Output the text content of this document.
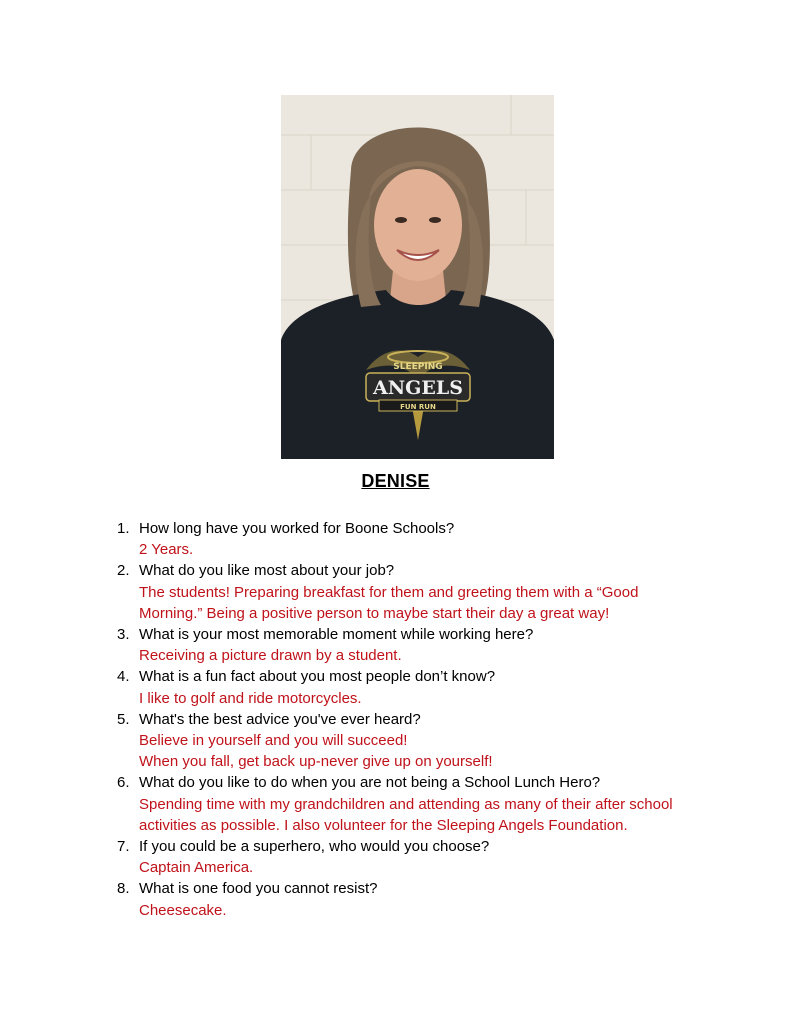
SLEEPING
ANGELS
FUN RUN
DENISE
1. How long have you worked for Boone Schools?
2 Years.
2. What do you like most about your job?
The students! Preparing breakfast for them and greeting them with a “Good
Morning.” Being a positive person to maybe start their day a great way!
3. What is your most memorable moment while working here?
Receiving a picture drawn by a student.
4. What is a fun fact about you most people don’t know?
I like to golf and ride motorcycles.
5. What's the best advice you've ever heard?
Believe in yourself and you will succeed!
When you fall, get back up-never give up on yourself!
6. What do you like to do when you are not being a School Lunch Hero?
Spending time with my grandchildren and attending as many of their after school
activities as possible. I also volunteer for the Sleeping Angels Foundation.
7. If you could be a superhero, who would you choose?
Captain America.
8. What is one food you cannot resist?
Cheesecake.
